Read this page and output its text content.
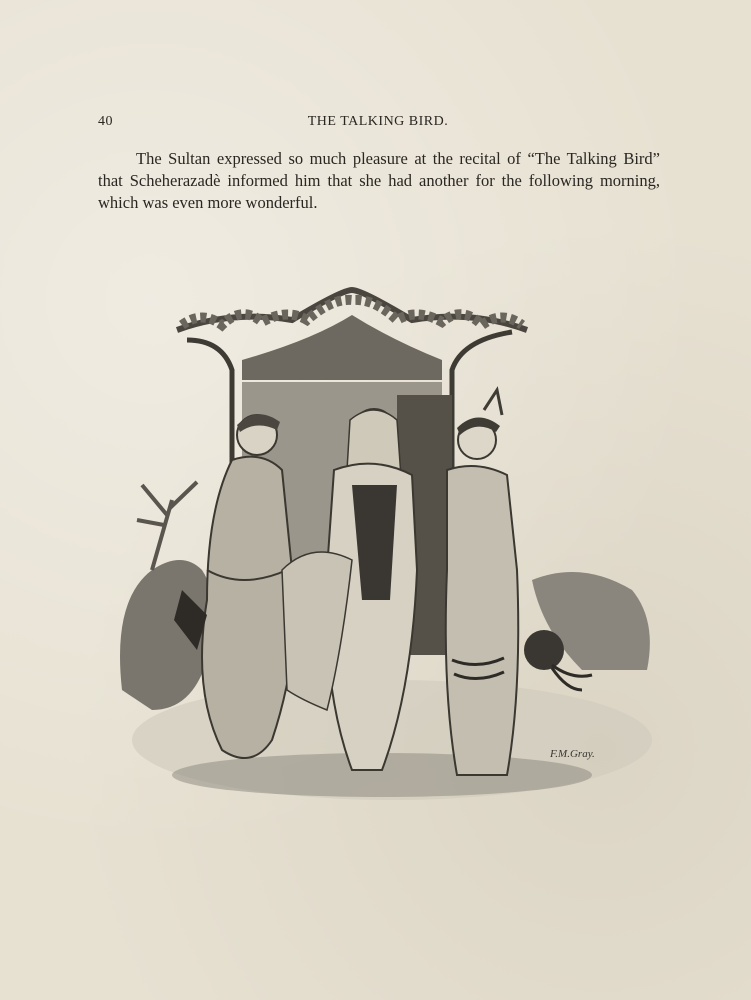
40	THE TALKING BIRD.

The Sultan expressed so much pleasure at the recital of “The Talking Bird” that Scheherazadè informed him that she had another for the following morning, which was even more wonderful.

F.M.Gray.
